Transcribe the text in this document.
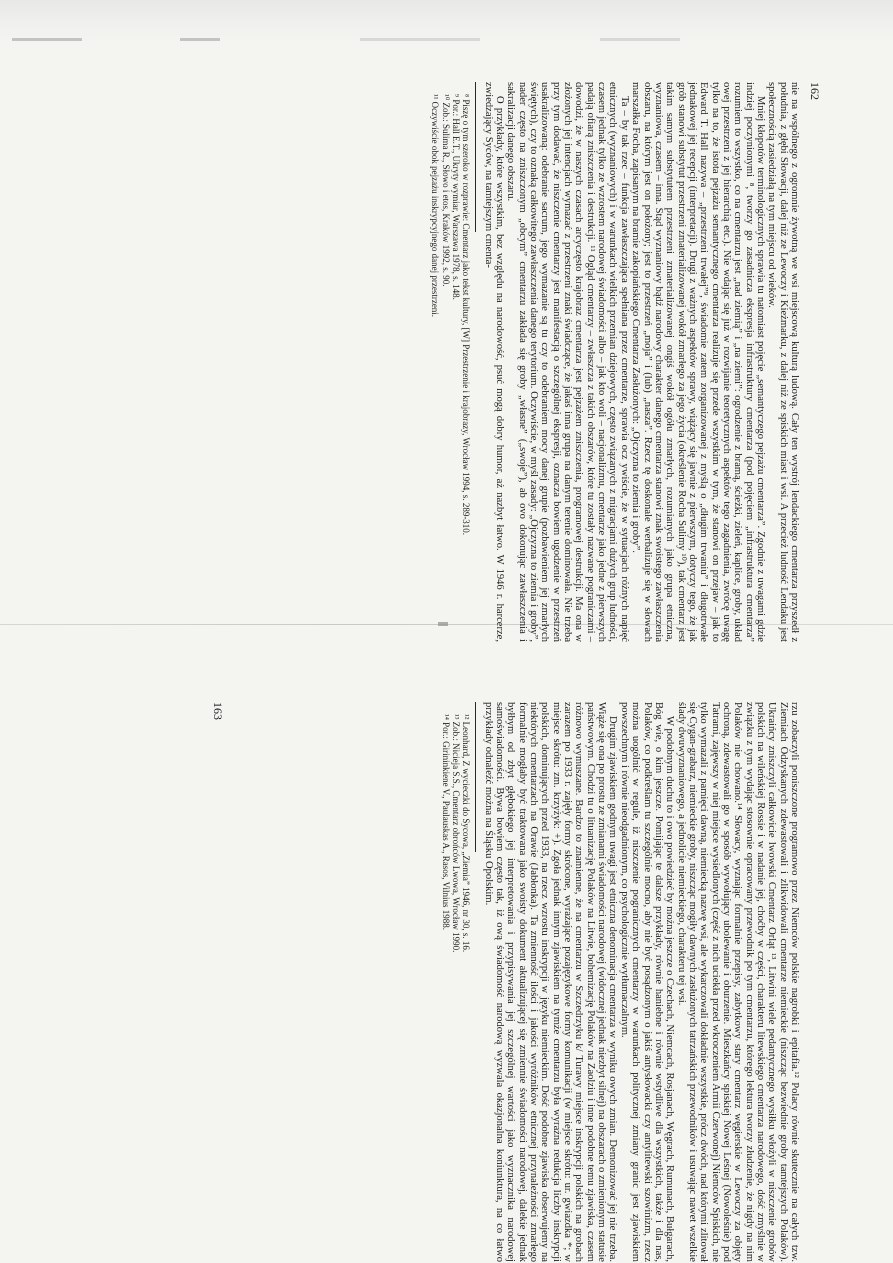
nie na wspólnego z ogromnie żywotną we wsi miejscową kulturą ludową. Cały ten wystrój lendackiego cmentarza przyszedł z południa, z głębi Słowacji, dalej niż ze Lewoczy i Kieżmarku, z dalej niż ze spiskich miast i wsi. A przecież ludność Lendaku jest społecznością zasiedziałą na tym miejscu od wieków.

Mniej kłopotów terminologicznych sprawia tu natomiast pojęcie „semantyczego pejzażu cmentarza”. Zgodnie z uwagami gdzie indziej poczynionymi ⁸, tworzy go zasadnicza ekspresja infrastruktury cmentarza (pod pojęciem „infrastruktura cmentarza” rozumiem to wszystko, co na cmentarzu jest „nad ziemią” i „na ziemi”: ogrodzenie z bramą, ścieżki, zieleń, kaplice, groby, układ owej przestrzeni z jej hierarchią etc.). Nie wdając się już w rozwijanie teoretycznych aspektów tego zagadnienia, zwrócę uwagę tylko na to, że istota pejzażu semantycznego cmentarza realizuje się przede wszystkim w tym, że stanowi on przejaw – jak to Edward T. Hall nazywa – „przestrzeni trwałej”⁹, świadomie zatem zorganizowanej z myślą o „długim trwaniu” i długotrwałe jednakowej jej recepcji (interpretacji). Drugi z ważnych aspektów sprawy, wiążący się jawnie z pierwszym, dotyczy tego, że jak grób stanowi substytut przestrzeni zmaterializowanej wokół zmarłego za jego życia (określenie Rocha Sulimy ¹⁰), tak cmentarz jest takim samym substytutem przestrzeni zmaterializowanej ongiś wokół ogółu zmarłych, rozumianych jako grupa etniczna, wyznaniowa, czasem – inna. Stąd wyznaniowy bądź narodowy charakter danego cmentarza stanowi znak swoistego zawłaszczenia obszaru, na którym jest on położony; jest to przestrzeń „moja” i (lub) „nasza”. Rzecz tę doskonale werbalizuje się w słowach marszałka Focha, zapisanym na bramie zakopiańskiego Cmentarza Zasłużonych: „Ojczyzna to ziemia i groby”.

Ta – by tak rzec – funkcja zawłaszczająca spełniana przez cmentarze, sprawia ocz ywiście, że w sytuacjach różnych napięć etnicznych (wyznaniowych) i w warunkach wielkich przemian dziejowych, często związanych z migracjami dużych grup ludności, czasem jednak tylko ze wzrostem narodowej świadomości albo – jak kto woli – nacjonalizmu, cmentarze jako jedne z pierwszych padają ofiarą zniszczenia i destrukcji. ¹¹ Ogląd cmentarzy – zwłaszcza z takich obszarów, które tu zostały nazwane pograniczami – dowodzi, że w naszych czasach arcyczęsto krajobraz cmentarza jest pejzażem zniszczenia, programowej destrukcji. Ma ona w złożonych jej intencjach wymazać z przestrzeni znaki świadczące, że jakaś inna grupa na danym terenie dominowała. Nie trzeba przy tym dodawać, że niszczenie cmentarzy jest manifestacją o szczególnej ekspresji, oznacza bowiem ugodzenie w przestrzeń usakralizowaną: odebranie sacrum, jego wymazanie są tu czy to odebraniem mocy danej grupie (pozbawieniem jej zmarłych świętych), czy to oznaką całkowitego zawłaszczenia danego terytorium. Oczywiście, w myśl zasady: „Ojczyzna to ziemia i groby”, nader często na zniszczonym „obcym” cmentarzu zakłada się groby „własne” („swoje”), ab ovo dokonując zawłaszczenia i sakralizacji danego obszaru.

O przykłady, które wszystkim, bez względu na narodowość, psuć mogą dobry humor, aż nazbyt łatwo. W 1946 r. harcerze, zwiedzający Syców, na tamtejszym cmenta-

⁸ Piszę o tym szeroko w rozprawie: Cmentarz jako tekst kultury, [W] Przestrzenie i krajobrazy, Wrocław 1994, s. 289-310.

⁹ Por.: Hall E.T., Ukryty wymiar, Warszawa 1978, s. 148.

¹⁰ Zob.: Sulima R., Słowo i etos, Kraków 1992, s. 90.

¹¹ Oczywiście obok pejzażu inskrypcyjnego danej przestrzeni.

162

rzu zobaczyli poniszczone programowo przez Niemców polskie nagrobki i epitafia.¹² Polacy równie skutecznie na całych tzw. Ziemiach Odzyskanych zdewastowali i zlikwidowali cmentarze niemieckie (niszcząc bezwiednie groby tamtejszych Polaków). Ukraińcy zniszczyli całkowicie lwowski Cmentarz Orląt ¹³, Litwini wiele pedantycznego wysiłku włożyli w niszczenie grobów polskich na wileńskiej Rossie i w nadanie jej, choćby w części, charakteru litewskiego cmentarza narodowego, dość zmyślnie w związku z tym wydając stosownie opracowany przewodnik po tym cmentarzu, którego lektura tworzy złudzenie, że nigdy na nim Polaków nie chowano.¹⁴ Słowacy, wyznając formalnie przepisy, zabytkowy stary cmentarz węgierskie w Lewoczy za objęty ochroną, zdewastowali go w sposób wywołujący ubolewanie i oburzenie. Mieszkańcy spiskiej Nowej Leśnej (Nowoleśnie) pod Tatrami, zajęwszy w niej miejsce wysiedlonych (część z nich uciekła przed wkroczeniem Armii Czerwonej) Niemców Spiskich, nie tylko wymazali z pamięci dawną, niemiecką nazwę wsi, ale wykarczowali dokładnie wszystkie, prócz dwóch, nad którymi zlitował się Cygan-grabarz, niemieckie groby, niszcząc mogiły dawnych zasłużonych tatrzańskich przewodników i usuwając nawet wszelkie ślady dwuwyznaniowego, a jednolicie niemieckiego, charakteru tej wsi.

W podobnym duchu to i owo powiedzieć by można jeszcze o Czechach, Niemcach, Rosjanach, Węgrach, Rumunach, Bułgarach, Bóg wie, o kim jeszcze. Pomijając te dalsze przykłady, równie haniebne i równie wstydliwe dla wszystkich, także i dla nas, Polaków, co podkreślam tu szczególnie mocno, aby nie być posądzonym o jakiś antysłowacki czy antylitewski szowinizm, rzecz można uogólnić w regule, iż niszczenie pogranicznych cmentarzy w warunkach politycznej zmiany granic jest zjawiskiem powszechnym i równie nieodgadnionym, co psychologicznie wytłumaczalnym.

Drugim zjawiskiem godnym uwagi jest etniczna denominacja cmentarza w wyniku owych zmian. Demonizować jej nie trzeba. Wiąże się ona po prostu ze zmianami świadomości narodowej (widocznej jednak niezbyt silnej) na obszarach o zmienionym statusie państwowym. Chodzi tu o lituanizację Polaków na Litwie, bohemizację Polaków na Zaolziu i inne podobne temu zjawiska, czasem różnowo wymuszane. Bardzo to znamienne, że na cmentarzu w Szczedrzyku k/ Turawy miejsce inskrypcji polskich na grobach zarazem po 1933 r. zajęły formy skrócone, wyrażające pozajęzykowe formy komunikacji (w miejsce skrótu: ur. gwiazdka *; w miejsce skrótu: zm. krzyżyk: +). Zgoła jednak innym zjawiskiem na tymże cmentarzu była wyraźna redukcja liczby inskrypcji polskich, dominujących przed 1933, na rzecz wzrostu inskrypcji w języku niemieckim. Dość podobne zjawiska obserwujemy na niektórych cmentarzach na Orawie (Jabłonka). Ta zmienność ilości i jakości wyróżników etnicznej przynależności zmarłego formalnie mogłaby być traktowana jako swoisty dokument aktualizującej się zmiennie świadomości narodowej, dalekie jednak byłbym od zbyt głębokiego jej interpretowania i przypisywania jej szczególnej wartości jako wyznacznika narodowej samoświadomości. Bywa bowiem często tak, iż ową świadomość narodową wyzwala okazjonalna koniunktura, na co łatwo przykłady odnaleźć można na Śląsku Opolskim.

¹² Leonhard, Z wycieczki do Sycowa, „Ziemia” 1946, nr 30, s. 16.

¹³ Zob.: Nicieja S.S., Cmentarz obrońców Lwowa, Wrocław 1990.

¹⁴ Por.: Girininkiene V., Paulauskas A., Rasos, Vilnius 1988.

163
